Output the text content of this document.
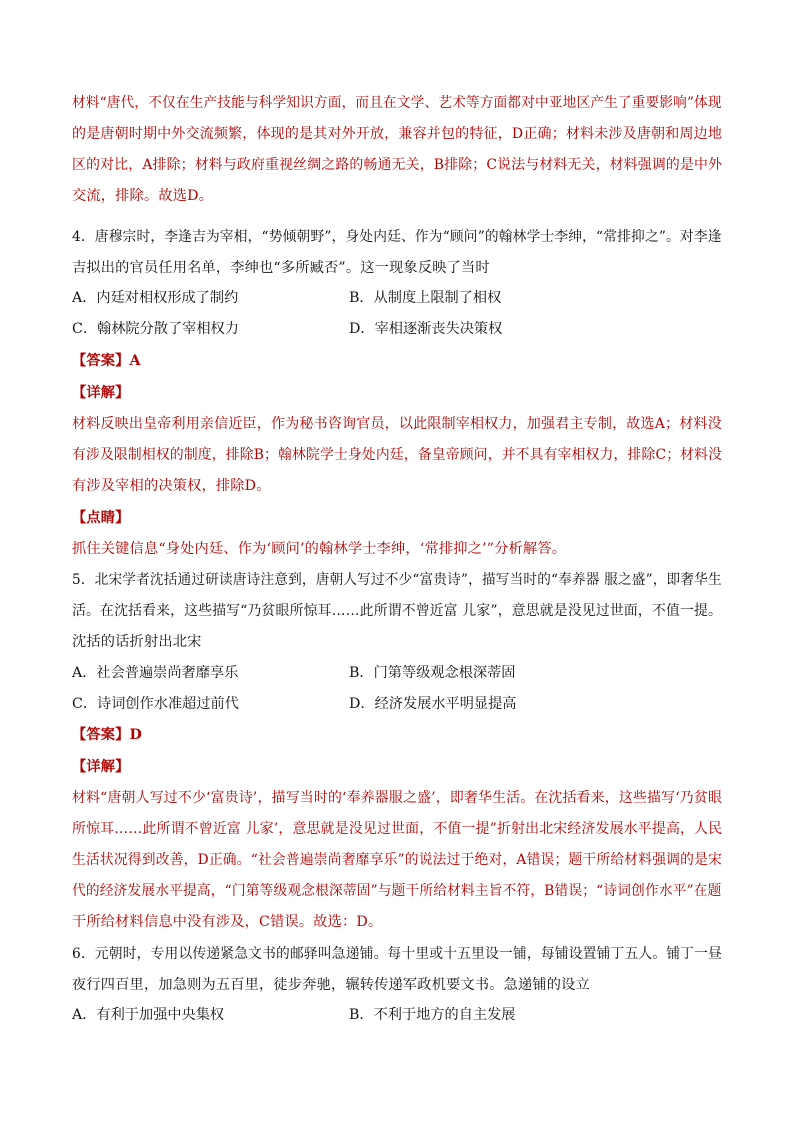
材料“唐代，不仅在生产技能与科学知识方面，而且在文学、艺术等方面都对中亚地区产生了重要影响”体现
的是唐朝时期中外交流频繁，体现的是其对外开放，兼容并包的特征，D正确；材料未涉及唐朝和周边地
区的对比，A排除；材料与政府重视丝绸之路的畅通无关，B排除；C说法与材料无关，材料强调的是中外
交流，排除。故选D。
4．唐穆宗时，李逢吉为宰相，“势倾朝野”，身处内廷、作为“顾问”的翰林学士李绅，“常排抑之”。对李逢
吉拟出的官员任用名单，李绅也“多所臧否”。这一现象反映了当时
A．内廷对相权形成了制约	B．从制度上限制了相权
C．翰林院分散了宰相权力	D．宰相逐渐丧失决策权
【答案】A
【详解】
材料反映出皇帝利用亲信近臣，作为秘书咨询官员，以此限制宰相权力，加强君主专制，故选A；材料没
有涉及限制相权的制度，排除B；翰林院学士身处内廷，备皇帝顾问，并不具有宰相权力，排除C；材料没
有涉及宰相的决策权，排除D。
【点睛】
抓住关键信息“身处内廷、作为‘顾问’的翰林学士李绅，‘常排抑之’”分析解答。
5．北宋学者沈括通过研读唐诗注意到，唐朝人写过不少“富贵诗”，描写当时的“奉养器 服之盛”，即奢华生
活。在沈括看来，这些描写“乃贫眼所惊耳……此所谓不曾近富 儿家”，意思就是没见过世面，不值一提。
沈括的话折射出北宋
A．社会普遍崇尚奢靡享乐	B．门第等级观念根深蒂固
C．诗词创作水准超过前代	D．经济发展水平明显提高
【答案】D
【详解】
材料“唐朝人写过不少‘富贵诗’，描写当时的‘奉养器服之盛’，即奢华生活。在沈括看来，这些描写‘乃贫眼
所惊耳……此所谓不曾近富 儿家’，意思就是没见过世面，不值一提”折射出北宋经济发展水平提高，人民
生活状况得到改善，D正确。“社会普遍崇尚奢靡享乐”的说法过于绝对，A错误；题干所给材料强调的是宋
代的经济发展水平提高，“门第等级观念根深蒂固”与题干所给材料主旨不符，B错误；“诗词创作水平”在题
干所给材料信息中没有涉及，C错误。故选：D。
6．元朝时，专用以传递紧急文书的邮驿叫急递铺。每十里或十五里设一铺，每铺设置铺丁五人。铺丁一昼
夜行四百里，加急则为五百里，徒步奔驰，辗转传递军政机要文书。急递铺的设立
A．有利于加强中央集权	B．不利于地方的自主发展
